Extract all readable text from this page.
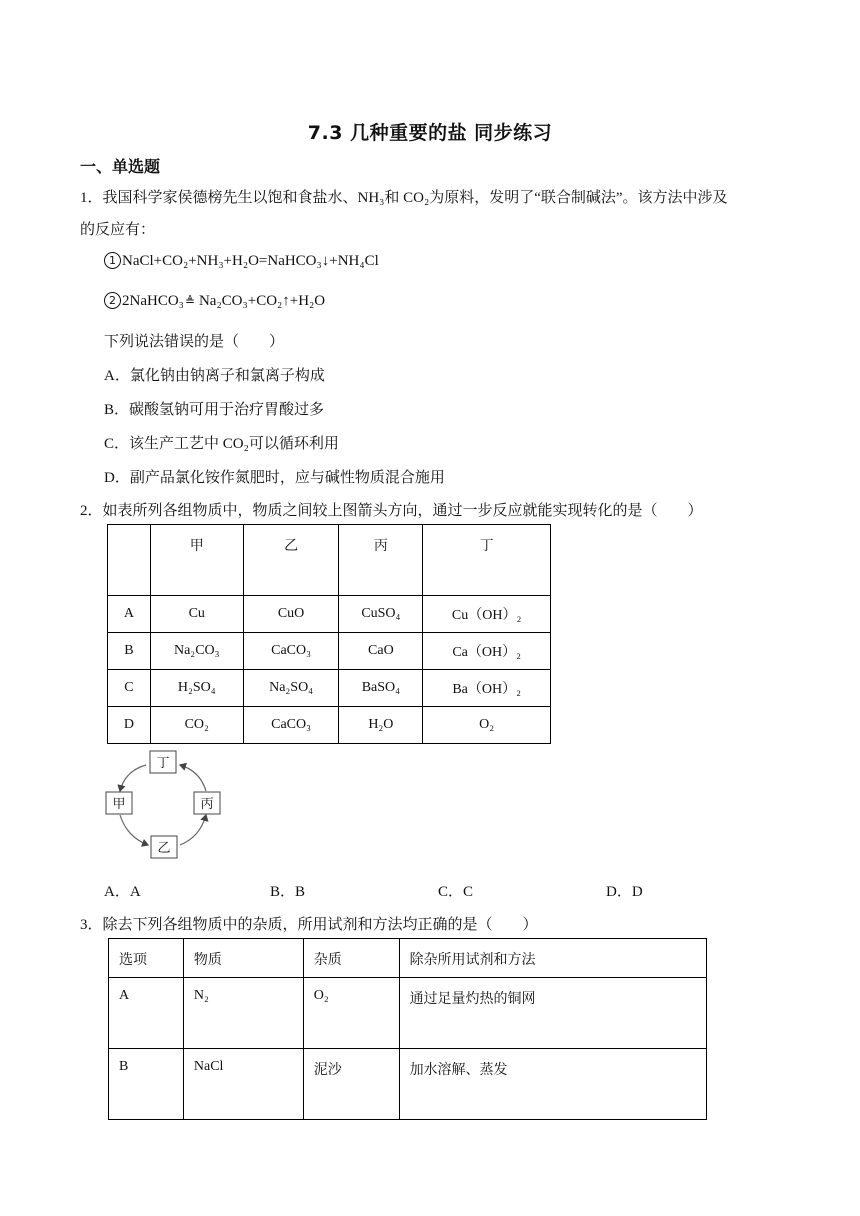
7.3 几种重要的盐 同步练习
一、单选题
1．我国科学家侯德榜先生以饱和食盐水、NH₃和 CO₂为原料，发明了“联合制碱法”。该方法中涉及
的反应有：
1 NaCl+CO₂+NH₃+H₂O=NaHCO₃↓+NH₄Cl
2 2NaHCO₃≜ Na₂CO₃+CO₂↑+H₂O
下列说法错误的是（　　）
A．氯化钠由钠离子和氯离子构成
B．碳酸氢钠可用于治疗胃酸过多
C．该生产工艺中 CO₂可以循环利用
D．副产品氯化铵作氮肥时，应与碱性物质混合施用
2．如表所列各组物质中，物质之间较上图箭头方向，通过一步反应就能实现转化的是（　　）
	甲	乙	丙	丁
A	Cu	CuO	CuSO₄	Cu（OH）₂
B	Na₂CO₃	CaCO₃	CaO	Ca（OH）₂
C	H₂SO₄	Na₂SO₄	BaSO₄	Ba（OH）₂
D	CO₂	CaCO₃	H₂O	O₂
丁
甲	丙
乙
A．A	B．B	C．C	D．D
3．除去下列各组物质中的杂质，所用试剂和方法均正确的是（　　）
选项	物质	杂质	除杂所用试剂和方法
A	N₂	O₂	通过足量灼热的铜网
B	NaCl	泥沙	加水溶解、蒸发
